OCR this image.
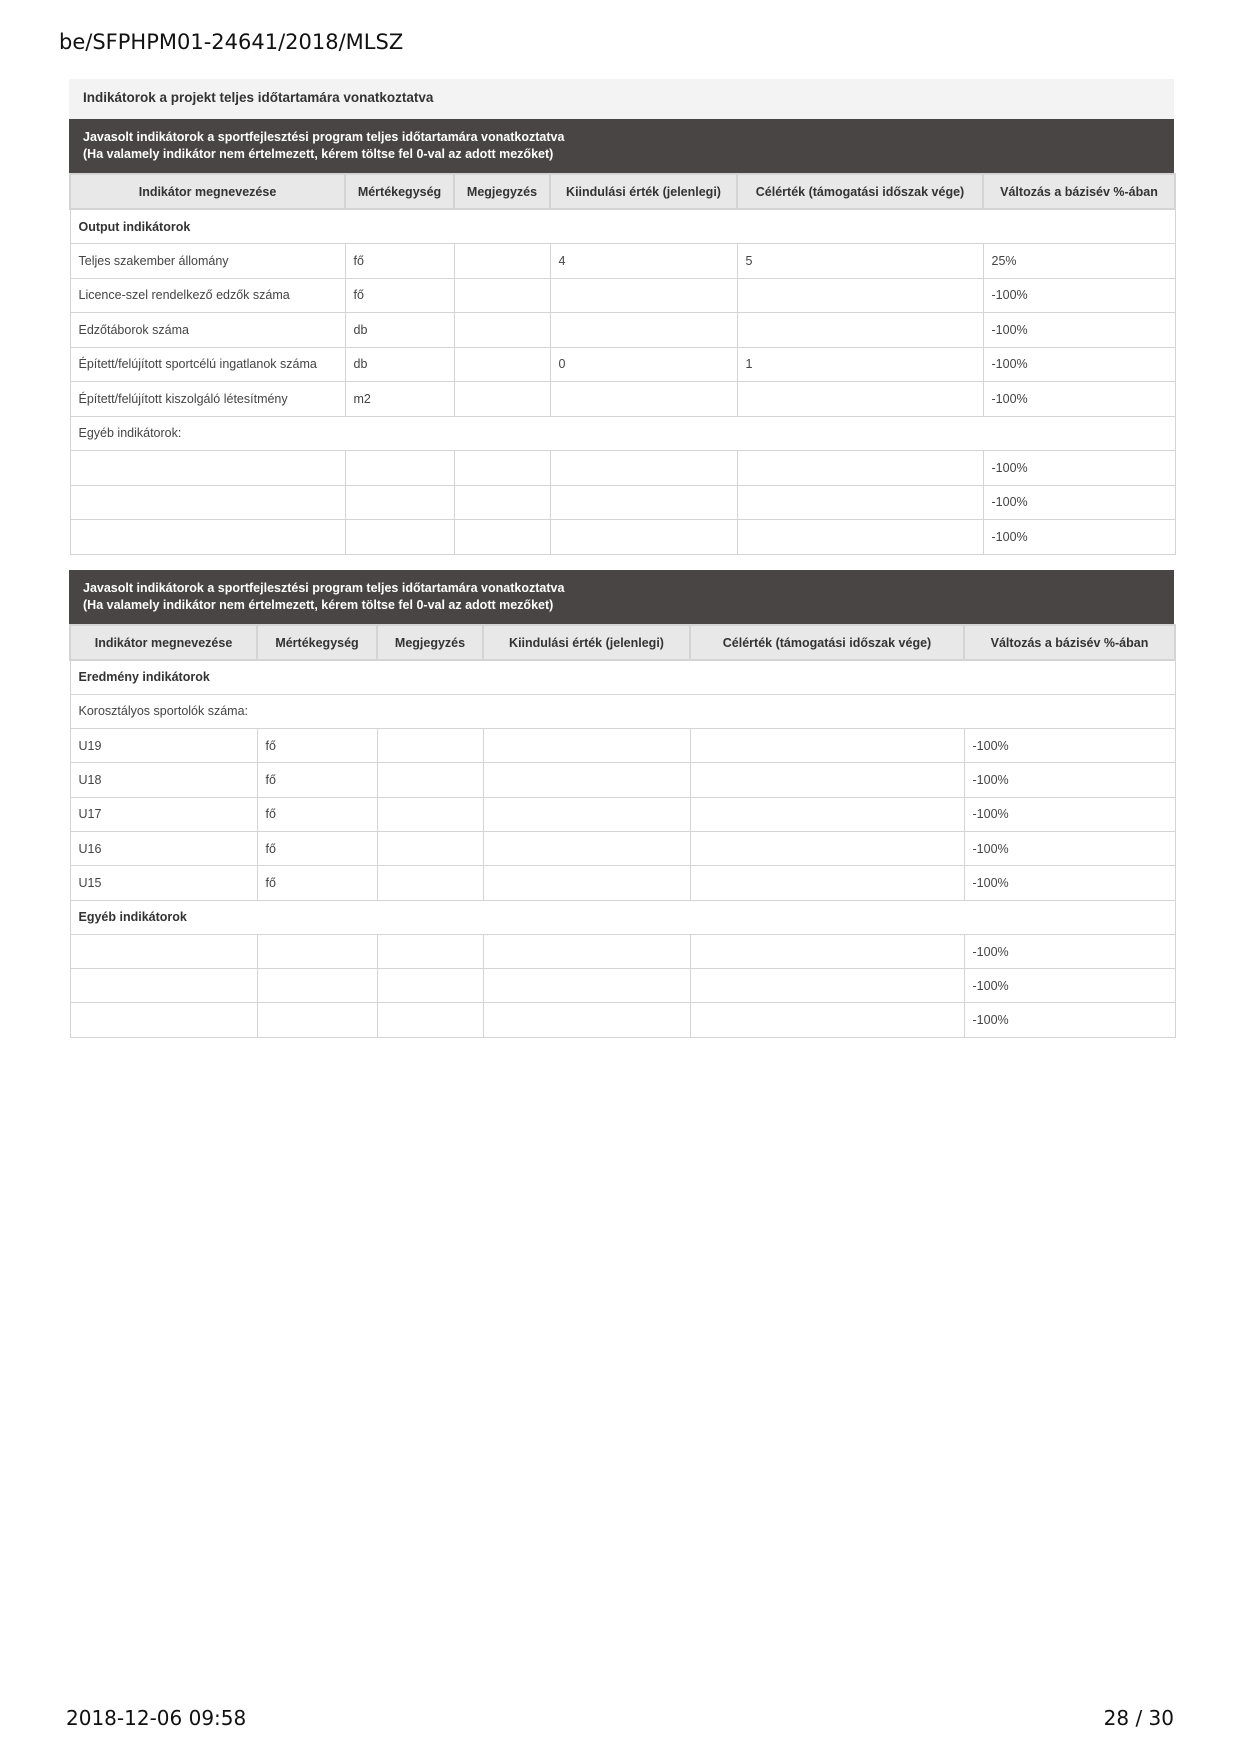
be/SFPHPM01-24641/2018/MLSZ
Indikátorok a projekt teljes időtartamára vonatkoztatva
Javasolt indikátorok a sportfejlesztési program teljes időtartamára vonatkoztatva
(Ha valamely indikátor nem értelmezett, kérem töltse fel 0-val az adott mezőket)
Indikátor megnevezése	Mértékegység	Megjegyzés	Kiindulási érték (jelenlegi)	Célérték (támogatási időszak vége)	Változás a bázisév %-ában
Output indikátorok					
Teljes szakember állomány	fő		4	5	25%
Licence-szel rendelkező edzők száma	fő				-100%
Edzőtáborok száma	db				-100%
Épített/felújított sportcélú ingatlanok száma	db		0	1	-100%
Épített/felújított kiszolgáló létesítmény	m2				-100%
Egyéb indikátorok:					
					-100%
					-100%
					-100%
Javasolt indikátorok a sportfejlesztési program teljes időtartamára vonatkoztatva
(Ha valamely indikátor nem értelmezett, kérem töltse fel 0-val az adott mezőket)
Indikátor megnevezése	Mértékegység	Megjegyzés	Kiindulási érték (jelenlegi)	Célérték (támogatási időszak vége)	Változás a bázisév %-ában
Eredmény indikátorok					
Korosztályos sportolók száma:					
U19	fő				-100%
U18	fő				-100%
U17	fő				-100%
U16	fő				-100%
U15	fő				-100%
Egyéb indikátorok					
					-100%
					-100%
					-100%
2018-12-06 09:58	28 / 30
